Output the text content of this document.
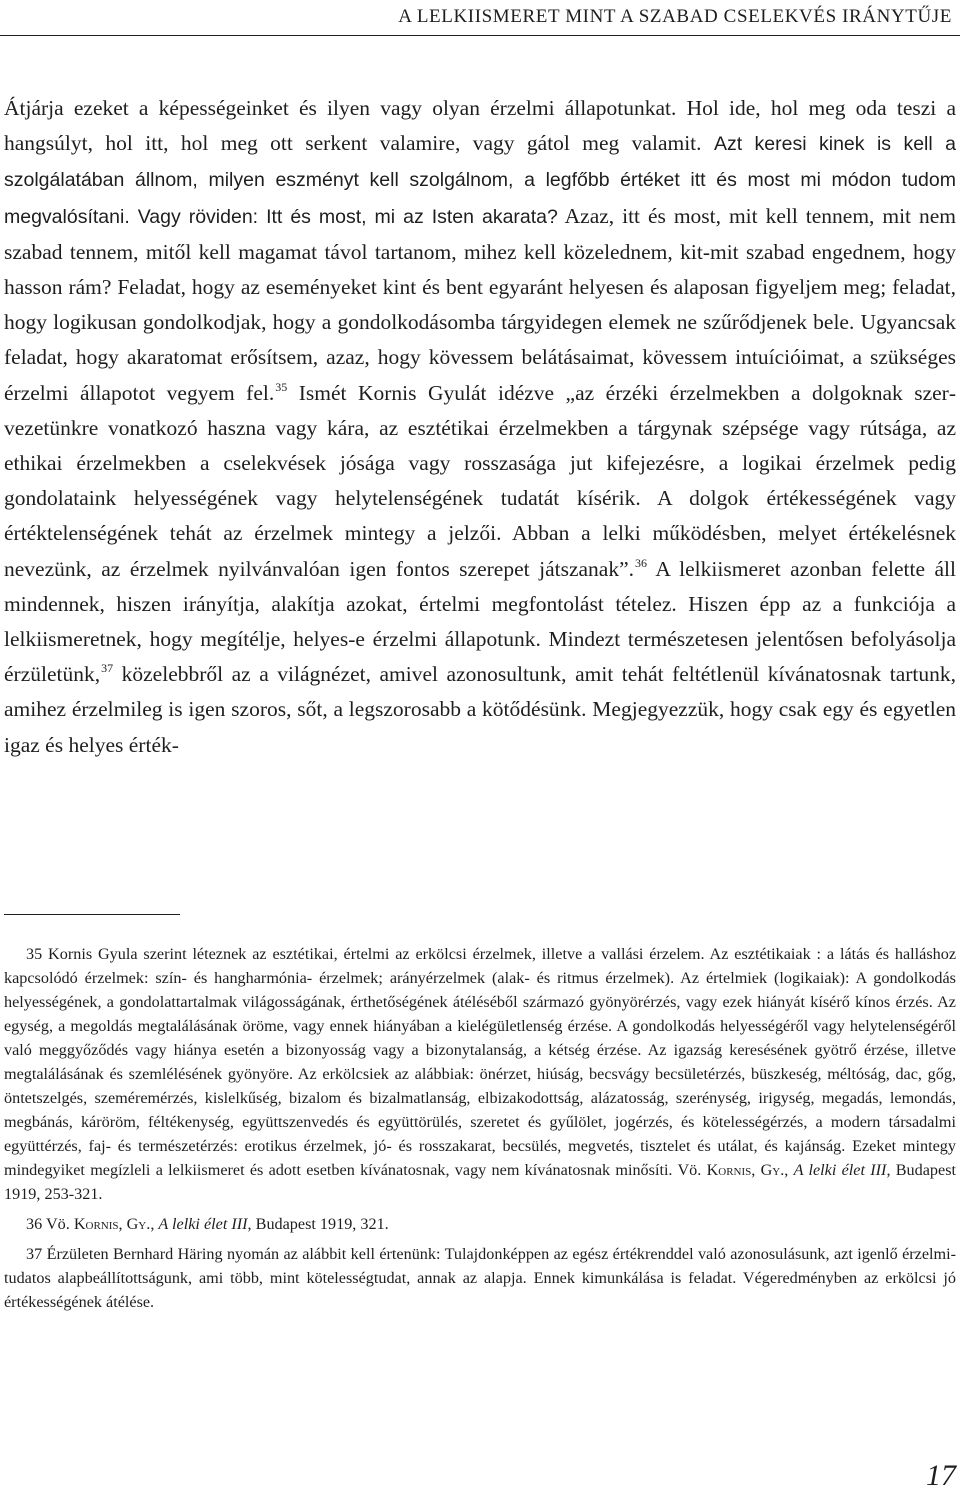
A LELKIISMERET MINT A SZABAD CSELEKVÉS IRÁNYTŰJE

Átjárja ezeket a képességeinket és ilyen vagy olyan érzelmi állapotunkat. Hol ide, hol meg oda teszi a hangsúlyt, hol itt, hol meg ott serkent valamire, vagy gátol meg valamit. Azt keresi kinek is kell a szolgálatában állnom, milyen eszményt kell szolgálnom, a legfőbb értéket itt és most mi módon tudom megvalósítani. Vagy röviden: Itt és most, mi az Isten akarata? Azaz, itt és most, mit kell tennem, mit nem szabad tennem, mitől kell magamat távol tartanom, mihez kell közelednem, kit-mit szabad engednem, hogy hasson rám? Feladat, hogy az eseményeket kint és bent egyaránt helyesen és alaposan figyeljem meg; feladat, hogy logikusan gondolkodjak, hogy a gondolkodásomba tárgyidegen elemek ne szűrődjenek bele. Ugyancsak feladat, hogy akaratomat erősítsem, azaz, hogy kövessem belátásaimat, kövessem intuícióimat, a szükséges érzelmi állapotot vegyem fel.$^{35}$ Ismét Kornis Gyulát idézve „az érzéki érzelmekben a dolgoknak szervezetünkre vonatkozó haszna vagy kára, az esztétikai érzelmekben a tárgynak szépsége vagy rútsága, az ethikai érzelmekben a cselekvések jósága vagy rosszasága jut kifejezésre, a logikai érzelmek pedig gondolataink helyességének vagy helytelenségének tudatát kísérik. A dolgok értékességének vagy értéktelenségének tehát az érzelmek mintegy a jelzői. Abban a lelki működésben, melyet értékelésnek nevezünk, az érzelmek nyilvánvalóan igen fontos szerepet játszanak”.$^{36}$ A lelkiismeret azonban felette áll mindennek, hiszen irányítja, alakítja azokat, értelmi megfontolást tételez. Hiszen épp az a funkciója a lelkiismeretnek, hogy megítélje, helyes-e érzelmi állapotunk. Mindezt természetesen jelentősen befolyásolja érzületünk,$^{37}$ közelebbről az a világnézet, amivel azonosultunk, amit tehát feltétlenül kívánatosnak tartunk, amihez érzelmileg is igen szoros, sőt, a legszorosabb a kötődésünk. Megjegyezzük, hogy csak egy és egyetlen igaz és helyes érték-

35 Kornis Gyula szerint léteznek az esztétikai, értelmi az erkölcsi érzelmek, illetve a vallási érzelem. Az esztétikaiak : a látás és halláshoz kapcsolódó érzelmek: szín- és hangharmónia- érzelmek; arányérzelmek (alak- és ritmus érzelmek). Az értelmiek (logikaiak): A gondolkodás helyességének, a gondolattartalmak világosságának, érthetőségének átéléséből származó gyönyörérzés, vagy ezek hiányát kísérő kínos érzés. Az egység, a megoldás megtalálásának öröme, vagy ennek hiányában a kielégületlenség érzése. A gondolkodás helyességéről vagy helytelenségéről való meggyőződés vagy hiánya esetén a bizonyosság vagy a bizonytalanság, a kétség érzése. Az igazság keresésének gyötrő érzése, illetve megtalálásának és szemlélésének gyönyöre. Az erkölcsiek az alábbiak: önérzet, hiúság, becsvágy becsületérzés, büszkeség, méltóság, dac, gőg, öntetszelgés, szeméremérzés, kislelkűség, bizalom és bizalmatlanság, elbizakodottság, alázatosság, szerénység, irigység, megadás, lemondás, megbánás, káröröm, féltékenység, együttszenvedés és együttörülés, szeretet és gyűlölet, jogérzés, és kötelességérzés, a modern társadalmi együttérzés, faj- és természetérzés: erotikus érzelmek, jó- és rosszakarat, becsülés, megvetés, tisztelet és utálat, és kajánság. Ezeket mintegy mindegyiket megízleli a lelkiismeret és adott esetben kívánatosnak, vagy nem kívánatosnak minősíti. Vö. Kornis, Gy., A lelki élet III, Budapest 1919, 253-321.

36 Vö. Kornis, Gy., A lelki élet III, Budapest 1919, 321.

37 Érzületen Bernhard Häring nyomán az alábbit kell értenünk: Tulajdonképpen az egész értékrenddel való azonosulásunk, azt igenlő érzelmi-tudatos alapbeállítottságunk, ami több, mint kötelességtudat, annak az alapja. Ennek kimunkálása is feladat. Végeredményben az erkölcsi jó értékességének átélése.

17
